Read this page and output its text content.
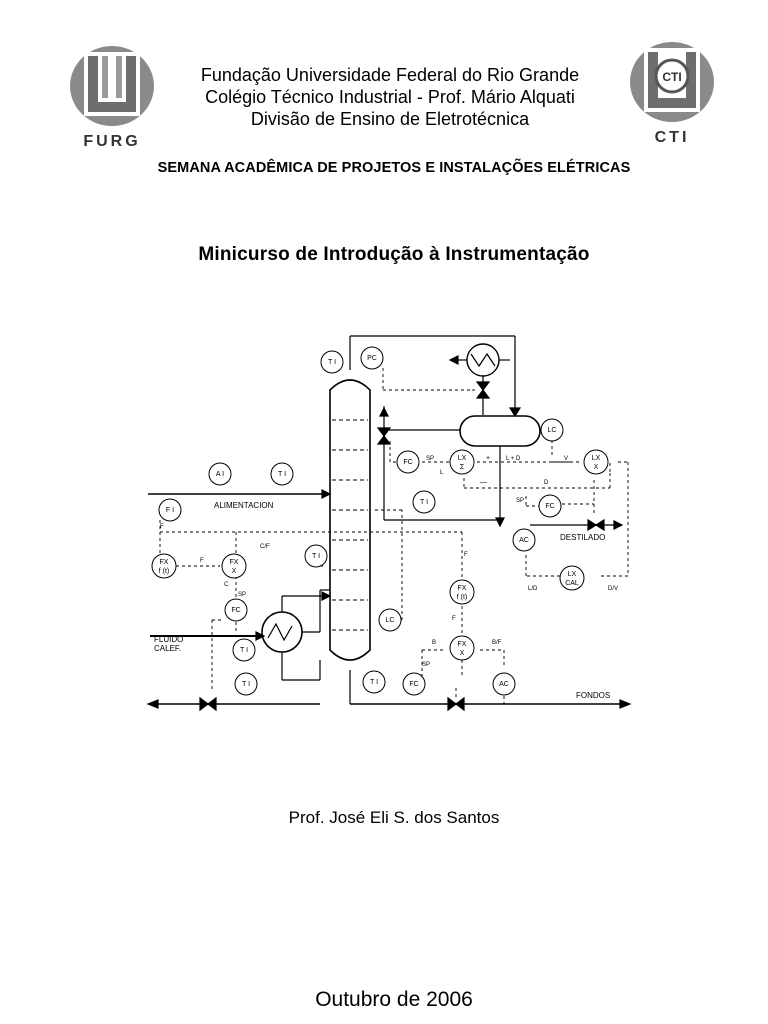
FURG
CTI
CTI
Fundação Universidade Federal do Rio Grande
Colégio Técnico Industrial - Prof. Mário Alquati
Divisão de Ensino de Eletrotécnica
SEMANA ACADÊMICA DE PROJETOS E INSTALAÇÕES ELÉTRICAS
Minicurso de Introdução à Instrumentação
T I
PC
LC
FC
LX
Σ
LX
X
A I	T I
F I
T I
FC
AC
LX
CAL
FX
f (t)
FX
X
T I
FC
T I
T I
LC
FX
f (t)
FX
X
T I	FC	AC
ALIMENTACION
DESTILADO
FLUIDO
CALEF.
FONDOS
SP
SP
SP
SP
F
F
F
F
C
C/F
L
L + D	V
D
+
—
L/D	D/V
B	B/F
Prof. José Eli S. dos Santos
Outubro de 2006
